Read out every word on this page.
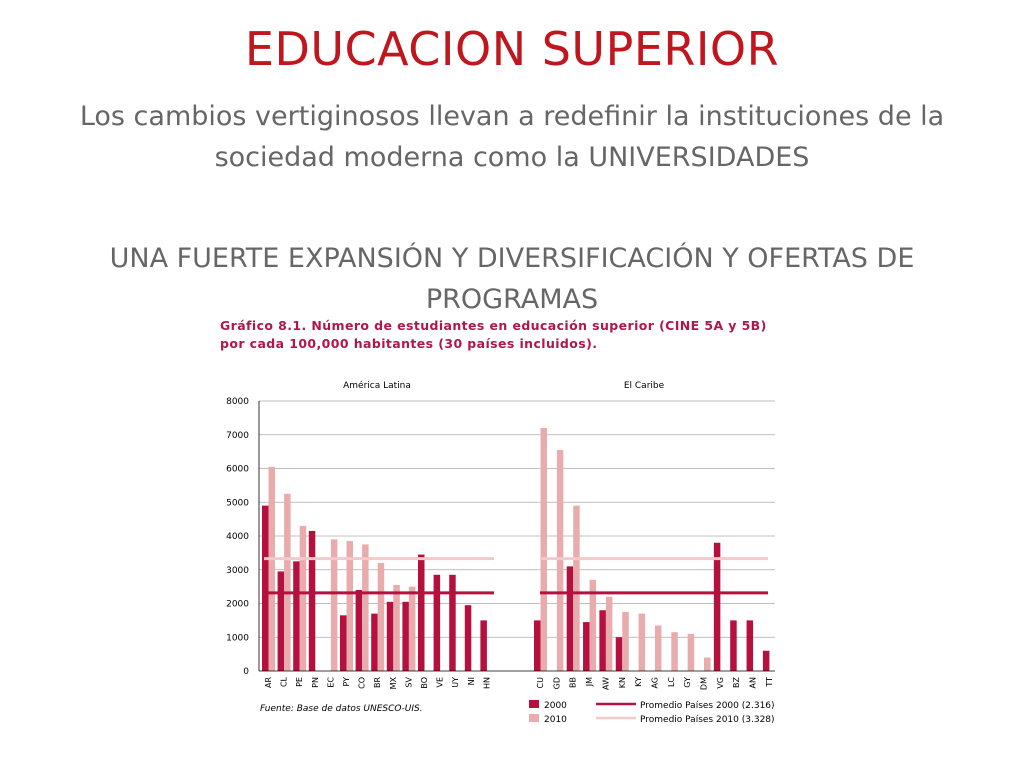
EDUCACION SUPERIOR
Los cambios vertiginosos llevan a redefinir la instituciones de la sociedad moderna como la UNIVERSIDADES
UNA FUERTE EXPANSIÓN Y DIVERSIFICACIÓN Y OFERTAS DE PROGRAMAS
Gráfico 8.1. Número de estudiantes en educación superior (CINE 5A y 5B) por cada 100,000 habitantes (30 países incluidos).
8000
7000
6000
5000
4000
3000
2000
1000
0
AR CL PE PN EC PY CO BR MX SV BO VE UY NI HN	CU GD BB JM AW KN KY AG LC GY DM VG BZ AN TT
América Latina	El Caribe
Fuente: Base de datos UNESCO-UIS.	2000
2010
Promedio Países 2000 (2.316)
Promedio Países 2010 (3.328)
